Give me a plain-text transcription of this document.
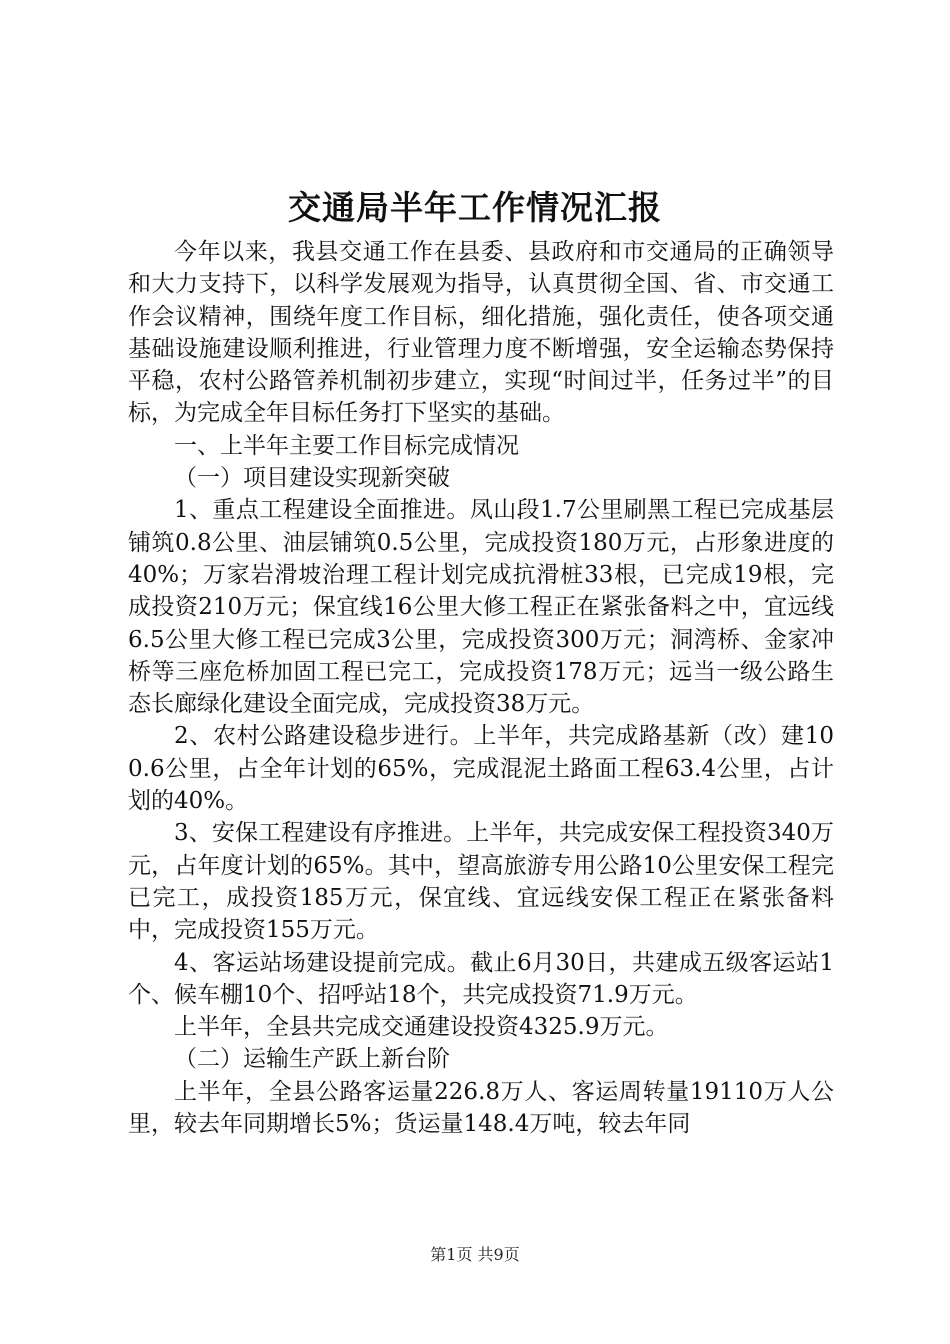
交通局半年工作情况汇报

今年以来，我县交通工作在县委、县政府和市交通局的正确领导和大力支持下，以科学发展观为指导，认真贯彻全国、省、市交通工作会议精神，围绕年度工作目标，细化措施，强化责任，使各项交通基础设施建设顺利推进，行业管理力度不断增强，安全运输态势保持平稳，农村公路管养机制初步建立，实现“时间过半，任务过半”的目标，为完成全年目标任务打下坚实的基础。

一、上半年主要工作目标完成情况

（一）项目建设实现新突破

1、重点工程建设全面推进。凤山段1.7公里刷黑工程已完成基层铺筑0.8公里、油层铺筑0.5公里，完成投资180万元，占形象进度的40%；万家岩滑坡治理工程计划完成抗滑桩33根，已完成19根，完成投资210万元；保宜线16公里大修工程正在紧张备料之中，宜远线6.5公里大修工程已完成3公里，完成投资300万元；洞湾桥、金家冲桥等三座危桥加固工程已完工，完成投资178万元；远当一级公路生态长廊绿化建设全面完成，完成投资38万元。

2、农村公路建设稳步进行。上半年，共完成路基新（改）建100.6公里，占全年计划的65%，完成混泥土路面工程63.4公里，占计划的40%。

3、安保工程建设有序推进。上半年，共完成安保工程投资340万元，占年度计划的65%。其中，望高旅游专用公路10公里安保工程完已完工，成投资185万元，保宜线、宜远线安保工程正在紧张备料中，完成投资155万元。

4、客运站场建设提前完成。截止6月30日，共建成五级客运站1个、候车棚10个、招呼站18个，共完成投资71.9万元。

上半年，全县共完成交通建设投资4325.9万元。

（二）运输生产跃上新台阶

上半年，全县公路客运量226.8万人、客运周转量19110万人公里，较去年同期增长5%；货运量148.4万吨，较去年同

第1页 共9页
